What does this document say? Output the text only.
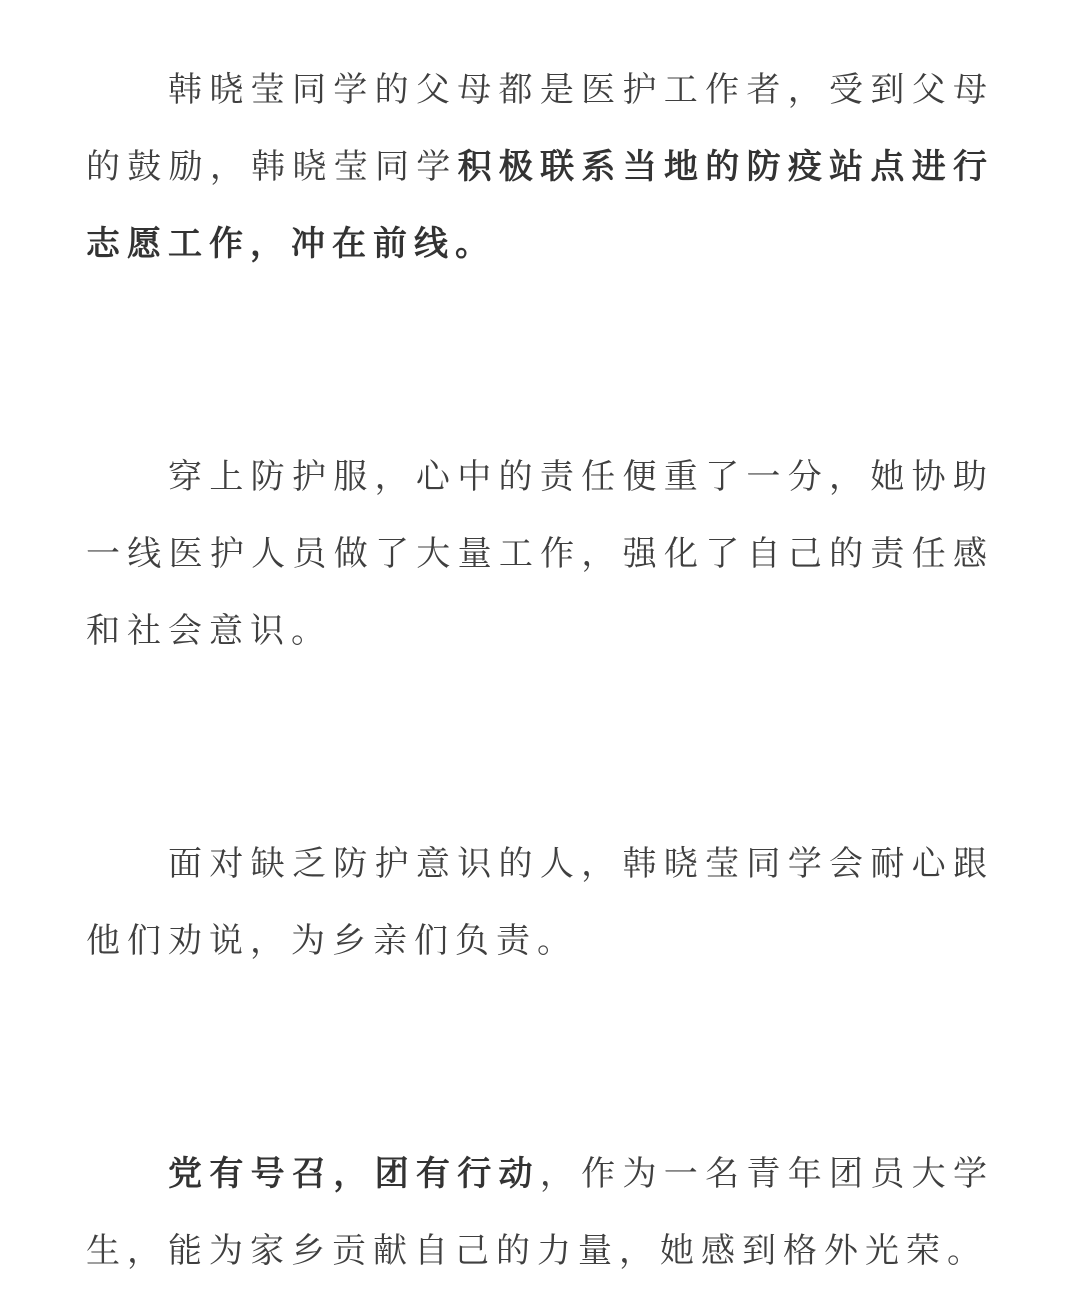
韩晓莹同学的父母都是医护工作者，受到父母的鼓励，韩晓莹同学积极联系当地的防疫站点进行志愿工作，冲在前线。

穿上防护服，心中的责任便重了一分，她协助一线医护人员做了大量工作，强化了自己的责任感和社会意识。

面对缺乏防护意识的人，韩晓莹同学会耐心跟他们劝说，为乡亲们负责。

党有号召，团有行动，作为一名青年团员大学生，能为家乡贡献自己的力量，她感到格外光荣。
